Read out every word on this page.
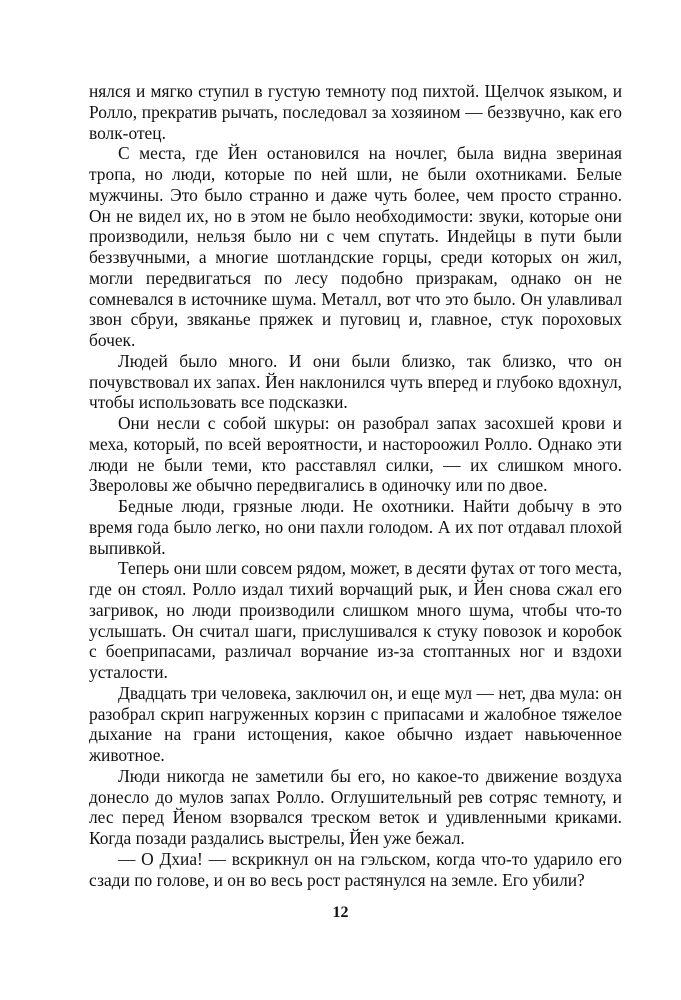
нялся и мягко ступил в густую темноту под пихтой. Щелчок языком, и Ролло, прекратив рычать, последовал за хозяином — беззвучно, как его волк-отец.

С места, где Йен остановился на ночлег, была видна звериная тропа, но люди, которые по ней шли, не были охотниками. Белые мужчины. Это было странно и даже чуть более, чем просто странно. Он не видел их, но в этом не было необходимости: звуки, которые они производили, нельзя было ни с чем спутать. Индейцы в пути были беззвучными, а многие шотландские горцы, среди которых он жил, могли передвигаться по лесу подобно призракам, однако он не сомневался в источнике шума. Металл, вот что это было. Он улавливал звон сбруи, звяканье пряжек и пуговиц и, главное, стук пороховых бочек.

Людей было много. И они были близко, так близко, что он почувствовал их запах. Йен наклонился чуть вперед и глубоко вдохнул, чтобы использовать все подсказки.

Они несли с собой шкуры: он разобрал запах засохшей крови и меха, который, по всей вероятности, и настороожил Ролло. Однако эти люди не были теми, кто расставлял силки, — их слишком много. Звероловы же обычно передвигались в одиночку или по двое.

Бедные люди, грязные люди. Не охотники. Найти добычу в это время года было легко, но они пахли голодом. А их пот отдавал плохой выпивкой.

Теперь они шли совсем рядом, может, в десяти футах от того места, где он стоял. Ролло издал тихий ворчащий рык, и Йен снова сжал его загривок, но люди производили слишком много шума, чтобы что-то услышать. Он считал шаги, прислушивался к стуку повозок и коробок с боеприпасами, различал ворчание из-за стоптанных ног и вздохи усталости.

Двадцать три человека, заключил он, и еще мул — нет, два мула: он разобрал скрип нагруженных корзин с припасами и жалобное тяжелое дыхание на грани истощения, какое обычно издает навьюченное животное.

Люди никогда не заметили бы его, но какое-то движение воздуха донесло до мулов запах Ролло. Оглушительный рев сотряс темноту, и лес перед Йеном взорвался треском веток и удивленными криками. Когда позади раздались выстрелы, Йен уже бежал.

— О Дхиа! — вскрикнул он на гэльском, когда что-то ударило его сзади по голове, и он во весь рост растянулся на земле. Его убили?

12
